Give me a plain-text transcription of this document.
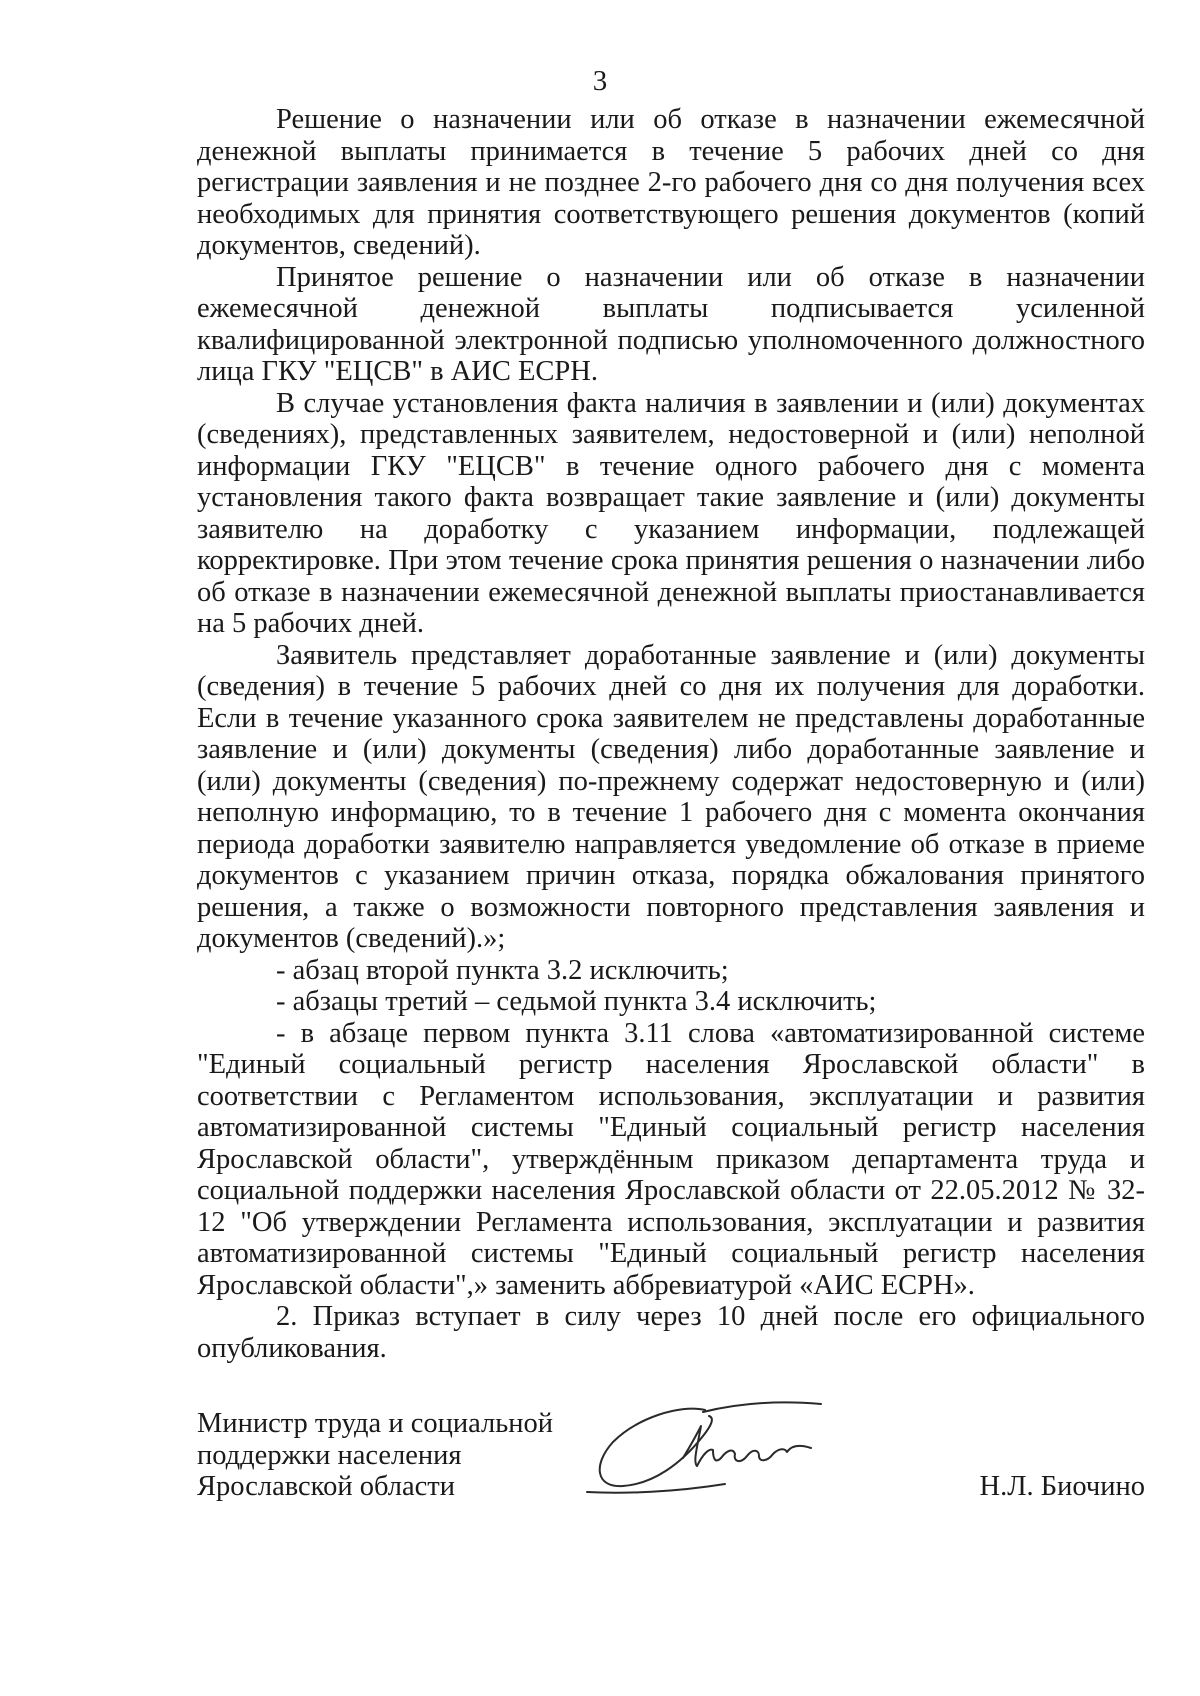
3

Решение о назначении или об отказе в назначении ежемесячной денежной выплаты принимается в течение 5 рабочих дней со дня регистрации заявления и не позднее 2-го рабочего дня со дня получения всех необходимых для принятия соответствующего решения документов (копий документов, сведений).

Принятое решение о назначении или об отказе в назначении ежемесячной денежной выплаты подписывается усиленной квалифицированной электронной подписью уполномоченного должностного лица ГКУ "ЕЦСВ" в АИС ЕСРН.

В случае установления факта наличия в заявлении и (или) документах (сведениях), представленных заявителем, недостоверной и (или) неполной информации ГКУ "ЕЦСВ" в течение одного рабочего дня с момента установления такого факта возвращает такие заявление и (или) документы заявителю на доработку с указанием информации, подлежащей корректировке. При этом течение срока принятия решения о назначении либо об отказе в назначении ежемесячной денежной выплаты приостанавливается на 5 рабочих дней.

Заявитель представляет доработанные заявление и (или) документы (сведения) в течение 5 рабочих дней со дня их получения для доработки. Если в течение указанного срока заявителем не представлены доработанные заявление и (или) документы (сведения) либо доработанные заявление и (или) документы (сведения) по-прежнему содержат недостоверную и (или) неполную информацию, то в течение 1 рабочего дня с момента окончания периода доработки заявителю направляется уведомление об отказе в приеме документов с указанием причин отказа, порядка обжалования принятого решения, а также о возможности повторного представления заявления и документов (сведений).»;

- абзац второй пункта 3.2 исключить;

- абзацы третий – седьмой пункта 3.4 исключить;

- в абзаце первом пункта 3.11 слова «автоматизированной системе "Единый социальный регистр населения Ярославской области" в соответствии с Регламентом использования, эксплуатации и развития автоматизированной системы "Единый социальный регистр населения Ярославской области", утверждённым приказом департамента труда и социальной поддержки населения Ярославской области от 22.05.2012 № 32-12 "Об утверждении Регламента использования, эксплуатации и развития автоматизированной системы "Единый социальный регистр населения Ярославской области",» заменить аббревиатурой «АИС ЕСРН».

2. Приказ вступает в силу через 10 дней после его официального опубликования.

Министр труда и социальной
поддержки населения
Ярославской области	Н.Л. Биочино
